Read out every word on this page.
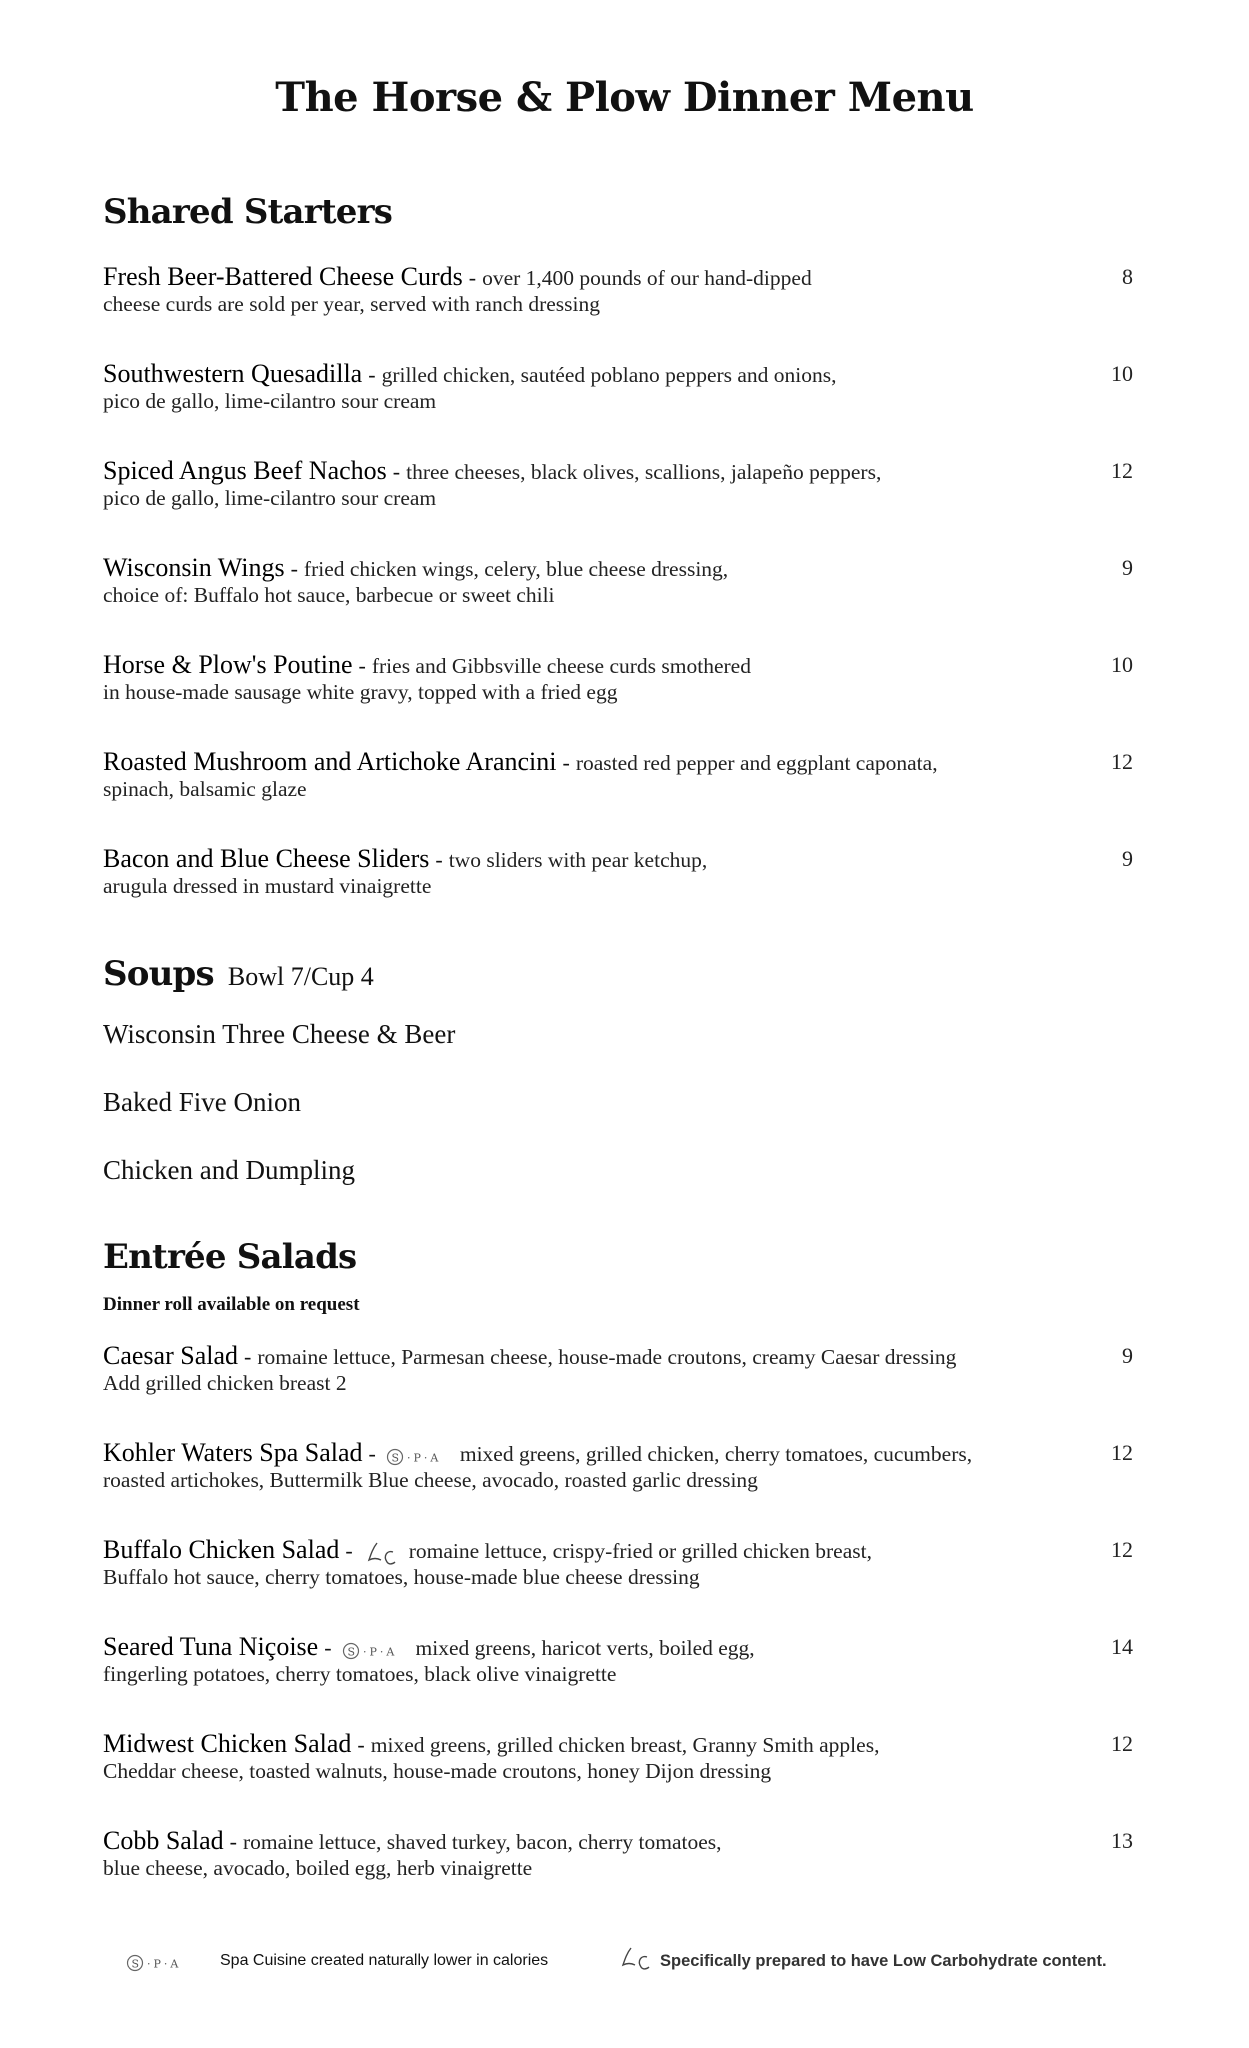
The Horse & Plow Dinner Menu
Shared Starters
Fresh Beer-Battered Cheese Curds - over 1,400 pounds of our hand-dipped	8
cheese curds are sold per year, served with ranch dressing
Southwestern Quesadilla - grilled chicken, sautéed poblano peppers and onions,	10
pico de gallo, lime-cilantro sour cream
Spiced Angus Beef Nachos - three cheeses, black olives, scallions, jalapeño peppers,	12
pico de gallo, lime-cilantro sour cream
Wisconsin Wings - fried chicken wings, celery, blue cheese dressing,	9
choice of: Buffalo hot sauce, barbecue or sweet chili
Horse & Plow's Poutine - fries and Gibbsville cheese curds smothered	10
in house-made sausage white gravy, topped with a fried egg
Roasted Mushroom and Artichoke Arancini - roasted red pepper and eggplant caponata,	12
spinach, balsamic glaze
Bacon and Blue Cheese Sliders - two sliders with pear ketchup,	9
arugula dressed in mustard vinaigrette
Soups Bowl 7/Cup 4
Wisconsin Three Cheese & Beer
Baked Five Onion
Chicken and Dumpling
Entrée Salads
Dinner roll available on request
Caesar Salad - romaine lettuce, Parmesan cheese, house-made croutons, creamy Caesar dressing	9
Add grilled chicken breast 2
Kohler Waters Spa Salad - S ·P·A mixed greens, grilled chicken, cherry tomatoes, cucumbers,	12
roasted artichokes, Buttermilk Blue cheese, avocado, roasted garlic dressing
Buffalo Chicken Salad -	romaine lettuce, crispy-fried or grilled chicken breast,	12
Buffalo hot sauce, cherry tomatoes, house-made blue cheese dressing
Seared Tuna Niçoise - S ·P·A mixed greens, haricot verts, boiled egg,	14
fingerling potatoes, cherry tomatoes, black olive vinaigrette
Midwest Chicken Salad - mixed greens, grilled chicken breast, Granny Smith apples,	12
Cheddar cheese, toasted walnuts, house-made croutons, honey Dijon dressing
Cobb Salad - romaine lettuce, shaved turkey, bacon, cherry tomatoes,	13
blue cheese, avocado, boiled egg, herb vinaigrette
S ·P·A Spa Cuisine created naturally lower in calories	Specifically prepared to have Low Carbohydrate content.
